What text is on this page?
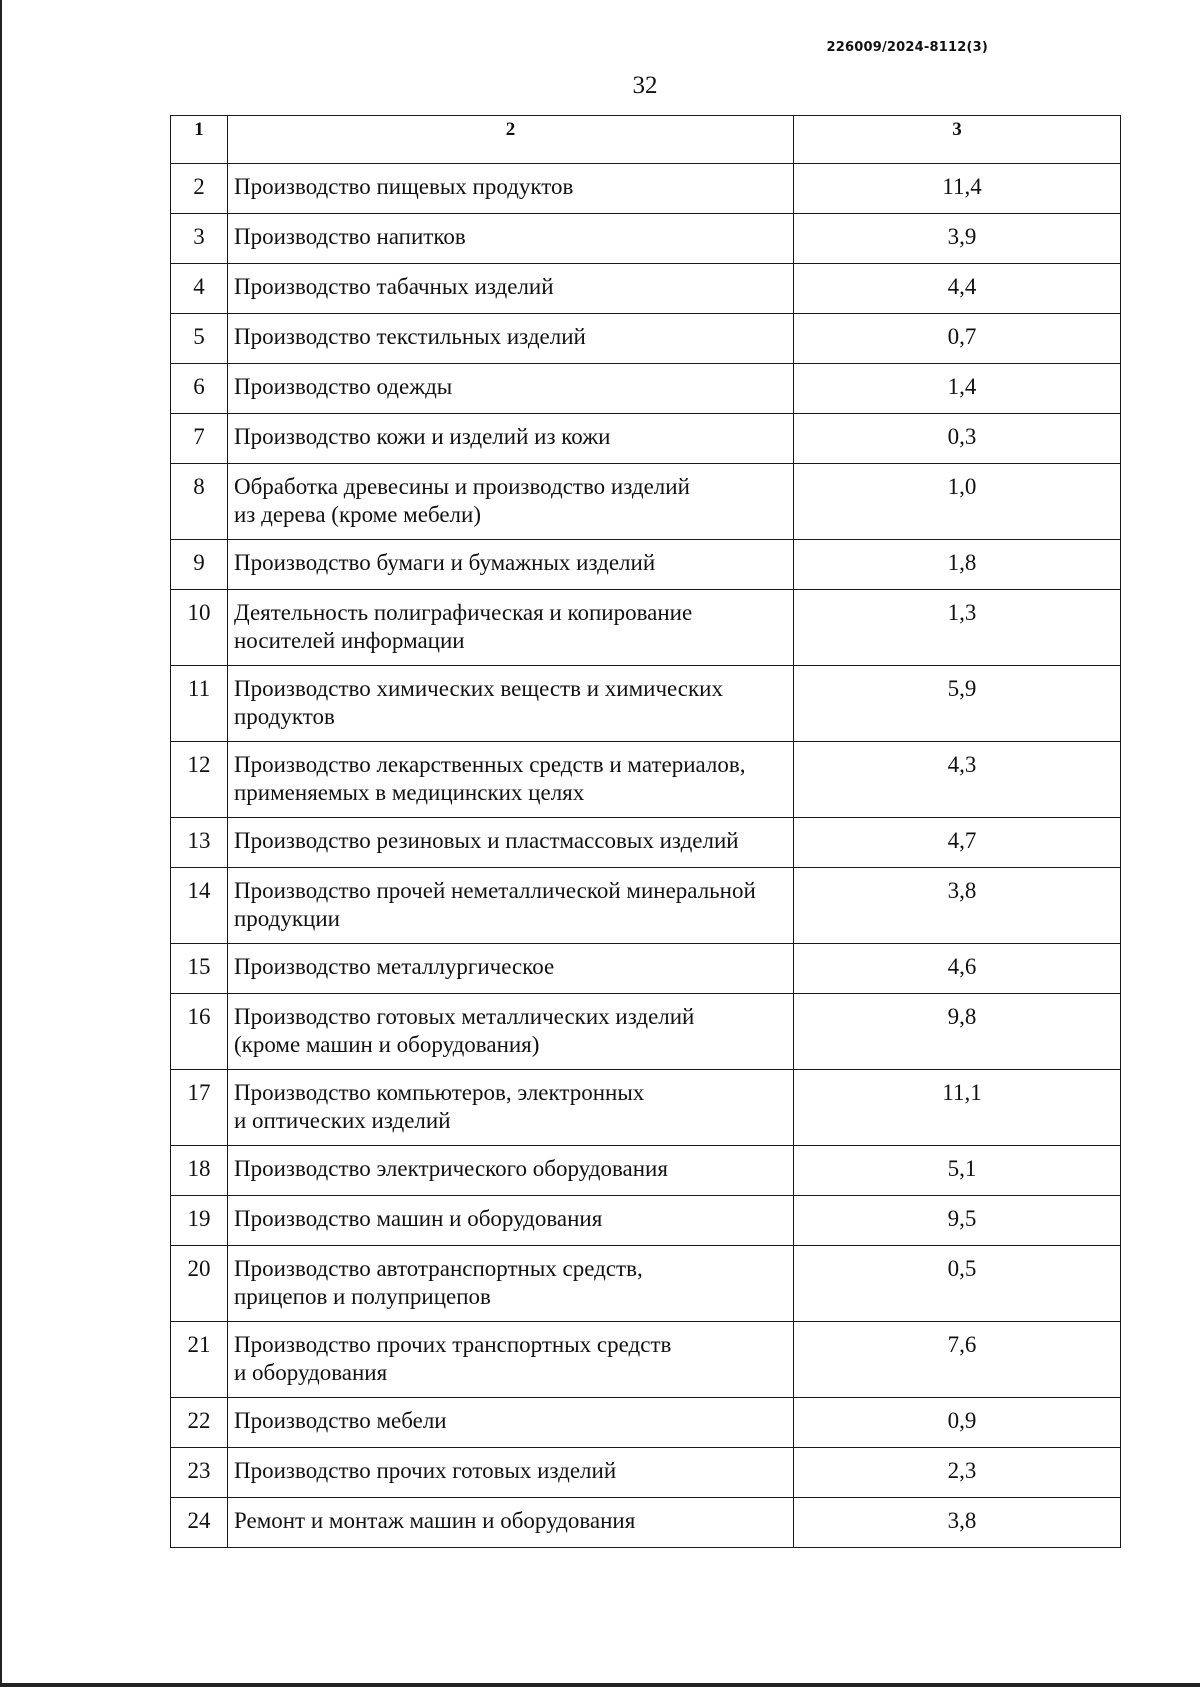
226009/2024-8112(3)
32
1	2	3
2	Производство пищевых продуктов	11,4
3	Производство напитков	3,9
4	Производство табачных изделий	4,4
5	Производство текстильных изделий	0,7
6	Производство одежды	1,4
7	Производство кожи и изделий из кожи	0,3
8	Обработка древесины и производство изделий
из дерева (кроме мебели)	1,0
9	Производство бумаги и бумажных изделий	1,8
10	Деятельность полиграфическая и копирование
носителей информации	1,3
11	Производство химических веществ и химических
продуктов	5,9
12	Производство лекарственных средств и материалов,
применяемых в медицинских целях	4,3
13	Производство резиновых и пластмассовых изделий	4,7
14	Производство прочей неметаллической минеральной
продукции	3,8
15	Производство металлургическое	4,6
16	Производство готовых металлических изделий
(кроме машин и оборудования)	9,8
17	Производство компьютеров, электронных
и оптических изделий	11,1
18	Производство электрического оборудования	5,1
19	Производство машин и оборудования	9,5
20	Производство автотранспортных средств,
прицепов и полуприцепов	0,5
21	Производство прочих транспортных средств
и оборудования	7,6
22	Производство мебели	0,9
23	Производство прочих готовых изделий	2,3
24	Ремонт и монтаж машин и оборудования	3,8
